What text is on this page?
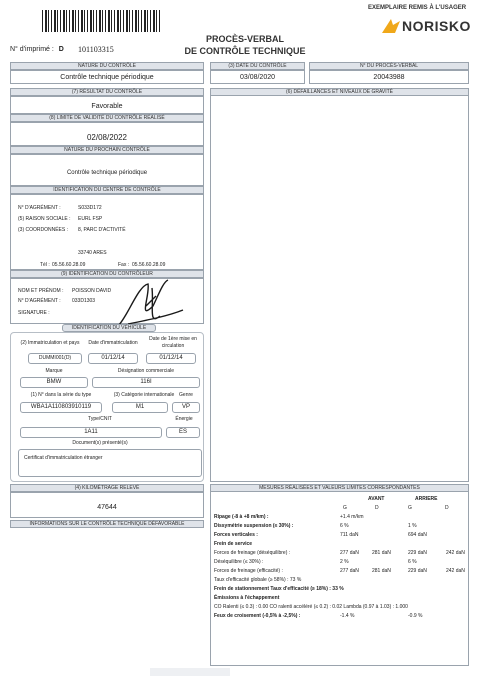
EXEMPLAIRE REMIS À L'USAGER
NORISKO
N° d'imprimé : D 101103315
PROCÈS-VERBAL
DE CONTRÔLE TECHNIQUE
NATURE DU CONTRÔLE
Contrôle technique périodique
(3) DATE DU CONTRÔLE
03/08/2020
N° DU PROCÈS-VERBAL
20043988
(7) RÉSULTAT DU CONTRÔLE
Favorable
(8) LIMITE DE VALIDITÉ DU CONTRÔLE RÉALISÉ
02/08/2022
NATURE DU PROCHAIN CONTRÔLE
Contrôle technique périodique
IDENTIFICATION DU CENTRE DE CONTRÔLE
N° D'AGRÉMENT :	S033D172
(5) RAISON SOCIALE : EURL FSP
(3) COORDONNÉES : 8, PARC D'ACTIVITÉ
33740 ARES
Tél : 05.56.60.28.09	Fax : 05.56.60.28.09
(9) IDENTIFICATION DU CONTRÔLEUR
NOM ET PRÉNOM : POISSON DAVID
N° D'AGRÉMENT : 033D1303
SIGNATURE :
IDENTIFICATION DU VÉHICULE
(2) Immatriculation et pays	Date d'immatriculation
Date de 1ère mise en circulation
DUMMI001(D)	01/12/14	01/12/14
Marque	Désignation commerciale
BMW	116I
(1) N° dans la série du type	(3) Catégorie internationale Genre
WBA1A110803910119	M1	VP
Type/CNIT	Énergie
1A11	ES
Document(s) présenté(s)
Certificat d'immatriculation étranger
(4) KILOMÉTRAGE RELEVÉ
47644
INFORMATIONS SUR LE CONTRÔLE TECHNIQUE DÉFAVORABLE
(6) DÉFAILLANCES ET NIVEAUX DE GRAVITÉ
MESURES RÉALISÉES ET VALEURS LIMITES CORRESPONDANTES
AVANT	ARRIERE
G	D	G	D
Ripage (-8 à +8 m/km) :	+1.4 m/km
Dissymétrie suspension (≤ 30%) :	6 %	1 %
Forces verticales :	711 daN	694 daN
Frein de service
Forces de freinage (déséquilibre) :	277 daN	281 daN	229 daN	242 daN
Déséquilibre (≤ 30%) :	2 %	6 %
Forces de freinage (efficacité) :	277 daN	281 daN	229 daN	242 daN
Taux d'efficacité globale (≥ 58%) : 73 %
Frein de stationnement Taux d'efficacité (≥ 18%) : 33 %
Émissions à l'échappement
CO Ralenti (≤ 0.3) : 0.00 CO ralenti accéléré (≤ 0.2) : 0.02 Lambda (0.97 à 1.03) : 1.000
Feux de croisement (-0,5% à -2,5%) :	-1.4 %	-0.9 %
